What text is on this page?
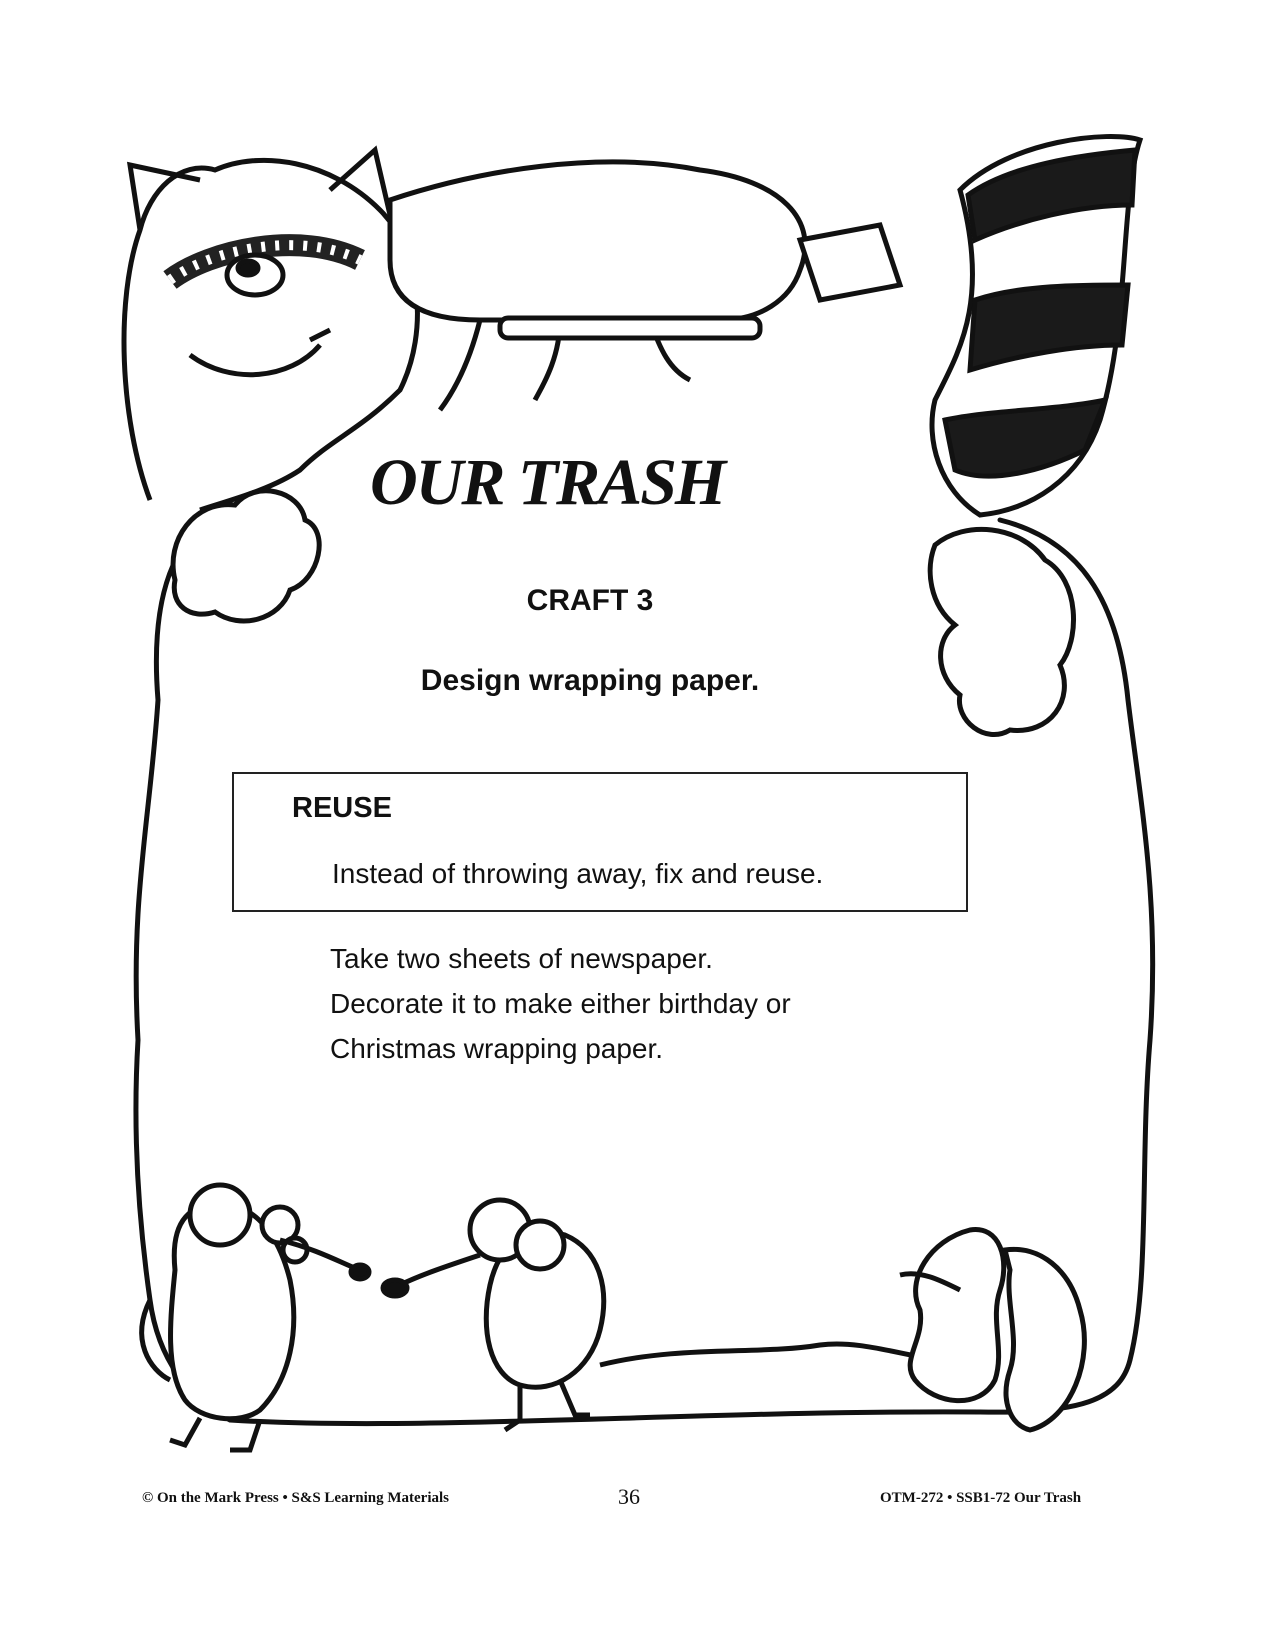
OUR TRASH
CRAFT 3
Design wrapping paper.

REUSE

Instead of throwing away, fix and reuse.

Take two sheets of newspaper.

Decorate it to make either birthday or

Christmas wrapping paper.

© On the Mark Press • S&S Learning Materials	36	OTM-272 • SSB1-72 Our Trash
